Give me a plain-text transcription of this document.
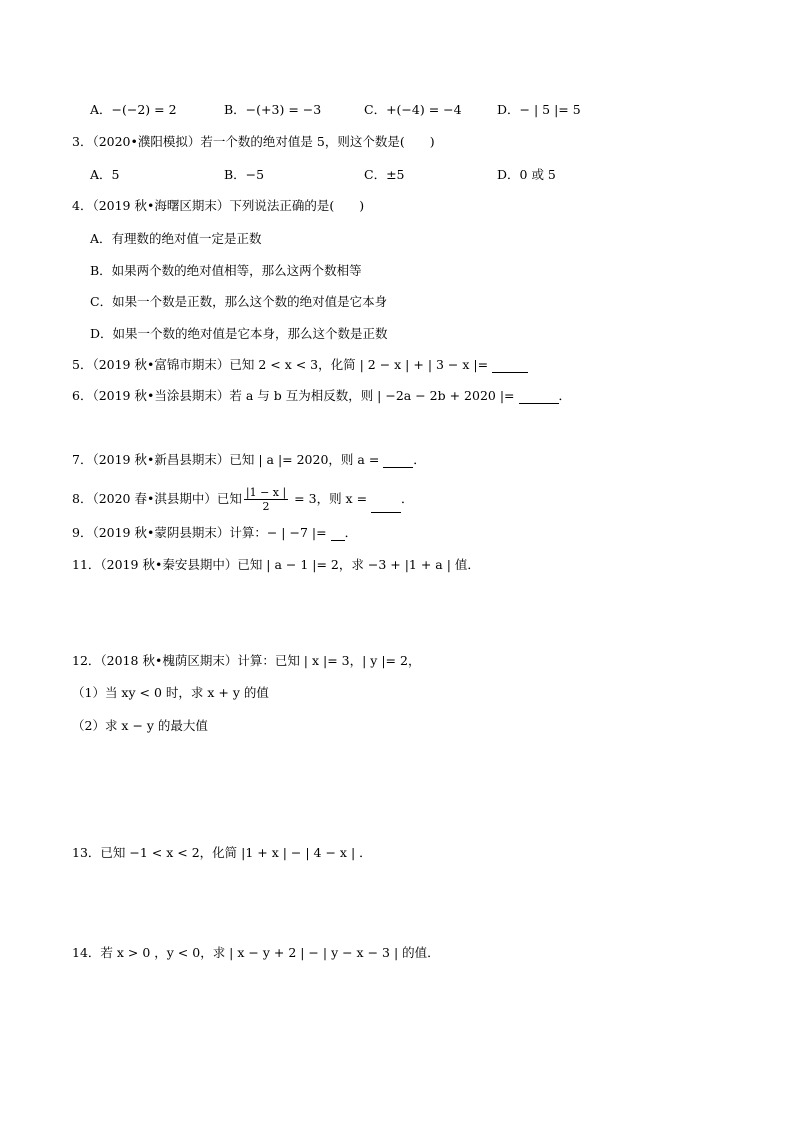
A．−(−2) = 2	B．−(+3) = −3	C．+(−4) = −4	D．− | 5 |= 5
3．（2020•濮阳模拟）若一个数的绝对值是 5，则这个数是(　　)
A．5	B．−5	C．±5	D．0 或 5
4．（2019 秋•海曙区期末）下列说法正确的是(　　)
A．有理数的绝对值一定是正数
B．如果两个数的绝对值相等，那么这两个数相等
C．如果一个数是正数，那么这个数的绝对值是它本身
D．如果一个数的绝对值是它本身，那么这个数是正数
5．（2019 秋•富锦市期末）已知 2 < x < 3，化简 | 2 − x | + | 3 − x |=
6．（2019 秋•当涂县期末）若 a 与 b 互为相反数，则 | −2a − 2b + 2020 |=	．
7．（2019 秋•新昌县期末）已知 | a |= 2020，则 a = ．
8．（2020 春•淇县期中）已知 $\frac{|1 - x |}{2} = 3$，则 x = ．
9．（2019 秋•蒙阴县期末）计算：− | −7 |= ．
11．（2019 秋•秦安县期中）已知 | a − 1 |= 2，求 −3 + |1 + a | 值．
12．（2018 秋•槐荫区期末）计算：已知 | x |= 3，| y |= 2，
（1）当 xy < 0 时，求 x + y 的值
（2）求 x − y 的最大值
13．已知 −1 < x < 2，化简 |1 + x | − | 4 − x | ．
14．若 x > 0 ，y < 0，求 | x − y + 2 | − | y − x − 3 | 的值．
